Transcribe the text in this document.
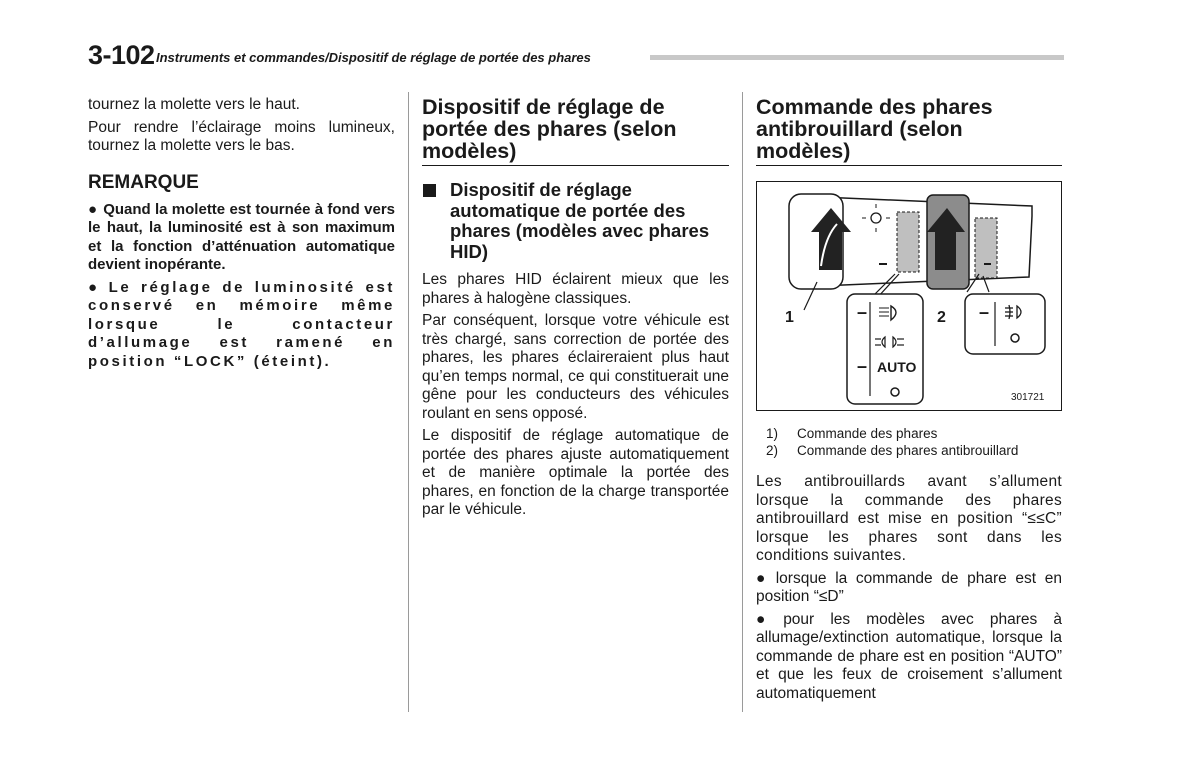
3-102 Instruments et commandes/Dispositif de réglage de portée des phares

tournez la molette vers le haut.

Pour rendre l’éclairage moins lumineux, tournez la molette vers le bas.

REMARQUE

● Quand la molette est tournée à fond vers le haut, la luminosité est à son maximum et la fonction d’atténuation automatique devient inopérante.

● Le réglage de luminosité est conservé en mémoire même lorsque le contacteur d’allumage est ramené en position “LOCK” (éteint).

Dispositif de réglage de portée des phares (selon modèles)
Dispositif de réglage automatique de portée des phares (modèles avec phares HID)

Les phares HID éclairent mieux que les phares à halogène classiques.

Par conséquent, lorsque votre véhicule est très chargé, sans correction de portée des phares, les phares éclaireraient plus haut qu’en temps normal, ce qui constituerait une gêne pour les conducteurs des véhicules roulant en sens opposé.

Le dispositif de réglage automatique de portée des phares ajuste automatiquement et de manière optimale la portée des phares, en fonction de la charge transportée par le véhicule.

Commande des phares antibrouillard (selon modèles)
1	2
–
– AUTO
–
301721
1)	Commande des phares
2)	Commande des phares antibrouillard

Les antibrouillards avant s’allument lorsque la commande des phares antibrouillard est mise en position “≤≤C” lorsque les phares sont dans les conditions suivantes.

● lorsque la commande de phare est en position “≤D”

● pour les modèles avec phares à allumage/extinction automatique, lorsque la commande de phare est en position “AUTO” et que les feux de croisement s’allument automatiquement
